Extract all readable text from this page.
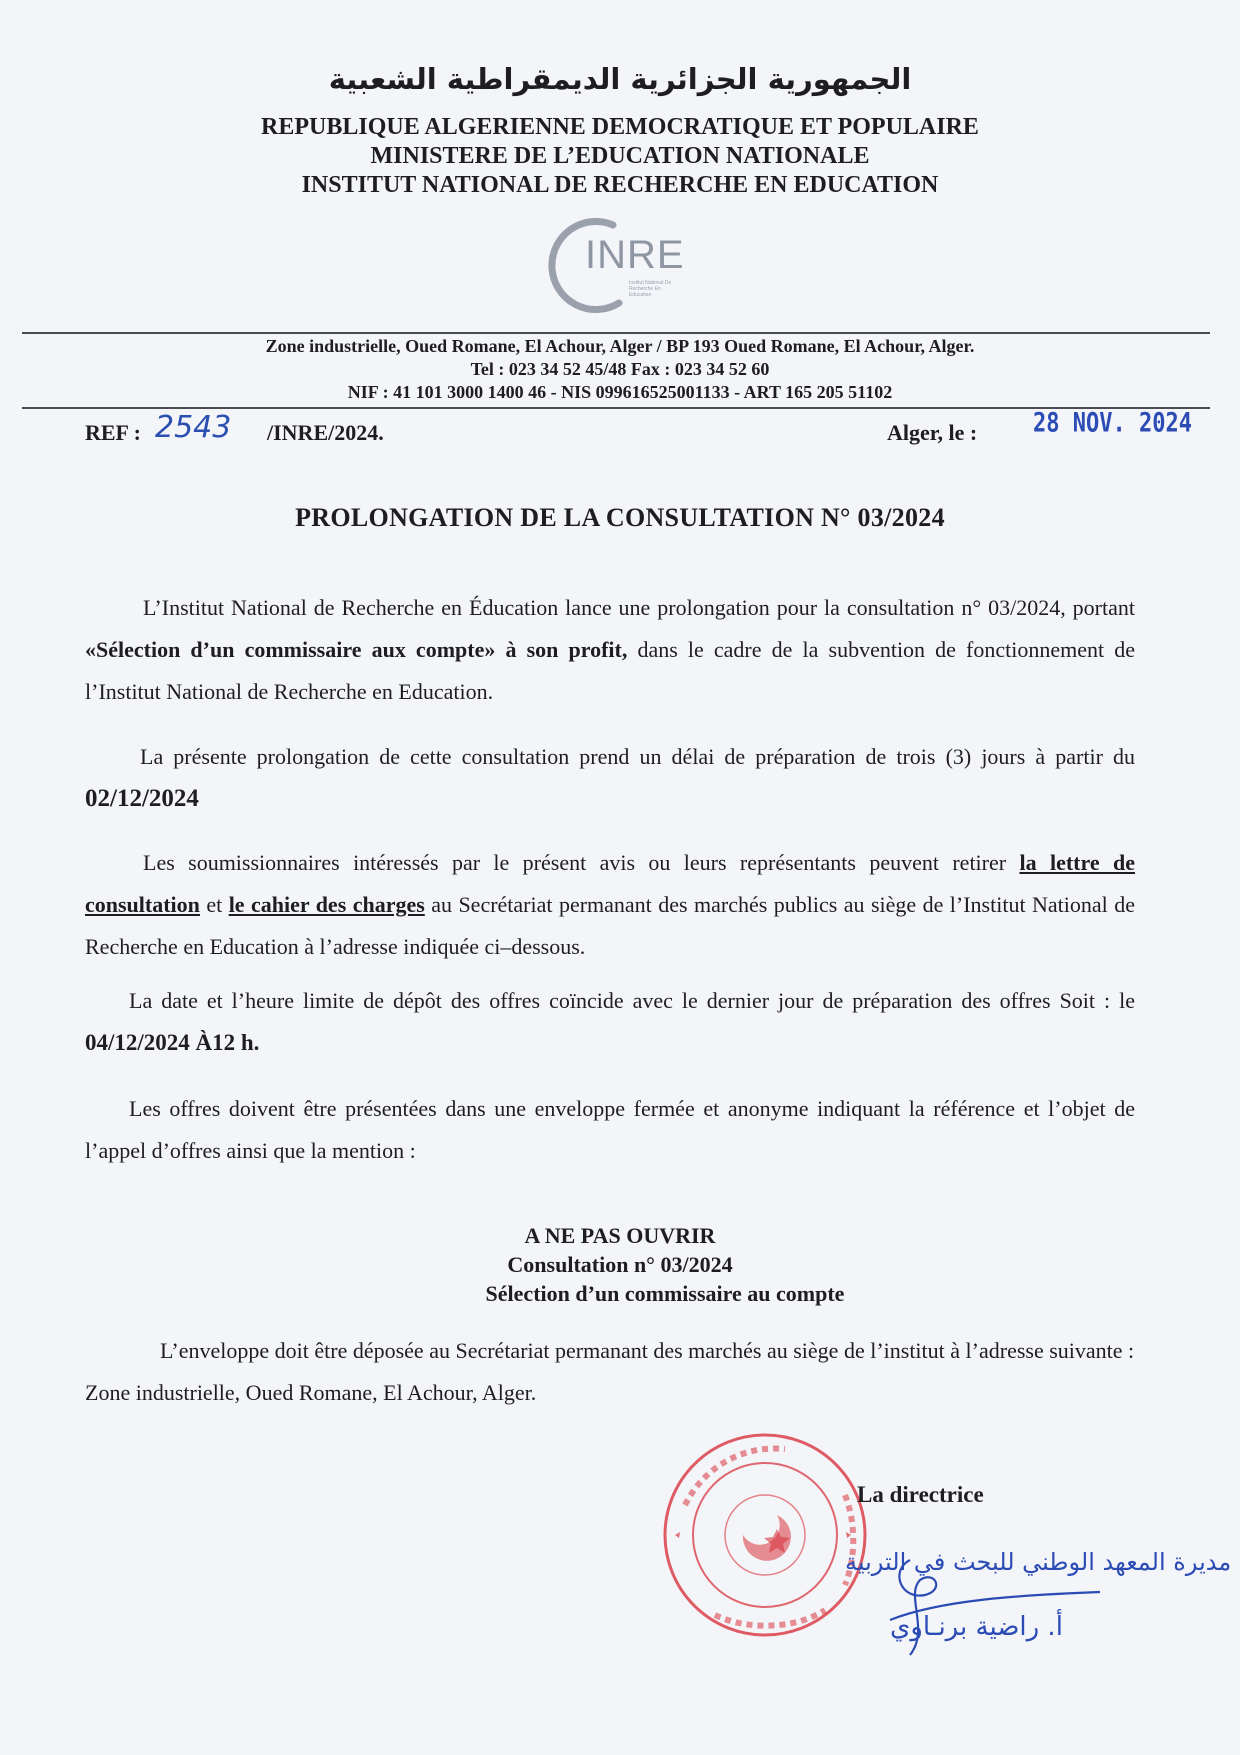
الجمهورية الجزائرية الديمقراطية الشعبية
REPUBLIQUE ALGERIENNE DEMOCRATIQUE ET POPULAIRE
MINISTERE DE L’EDUCATION NATIONALE
INSTITUT NATIONAL DE RECHERCHE EN EDUCATION
INRE
Institut National De Recherche En Education
Zone industrielle, Oued Romane, El Achour, Alger / BP 193 Oued Romane, El Achour, Alger.
Tel : 023 34 52 45/48 Fax : 023 34 52 60
NIF : 41 101 3000 1400 46 - NIS 099616525001133 - ART 165 205 51102
REF : 2543 /INRE/2024.	Alger, le :	28 NOV. 2024
PROLONGATION DE LA CONSULTATION N° 03/2024
L’Institut National de Recherche en Éducation lance une prolongation pour la consultation n° 03/2024, portant «Sélection d’un commissaire aux compte» à son profit, dans le cadre de la subvention de fonctionnement de l’Institut National de Recherche en Education.
La présente prolongation de cette consultation prend un délai de préparation de trois (3) jours à partir du 02/12/2024
Les soumissionnaires intéressés par le présent avis ou leurs représentants peuvent retirer la lettre de consultation et le cahier des charges au Secrétariat permanant des marchés publics au siège de l’Institut National de Recherche en Education à l’adresse indiquée ci–dessous.
La date et l’heure limite de dépôt des offres coïncide avec le dernier jour de préparation des offres Soit : le 04/12/2024 À12 h.
Les offres doivent être présentées dans une enveloppe fermée et anonyme indiquant la référence et l’objet de l’appel d’offres ainsi que la mention :
A NE PAS OUVRIR
Consultation n° 03/2024
Sélection d’un commissaire au compte
L’enveloppe doit être déposée au Secrétariat permanant des marchés au siège de l’institut à l’adresse suivante : Zone industrielle, Oued Romane, El Achour, Alger.
La directrice
مديرة المعهد الوطني للبحث في التربية
أ. راضية برنـاوي
